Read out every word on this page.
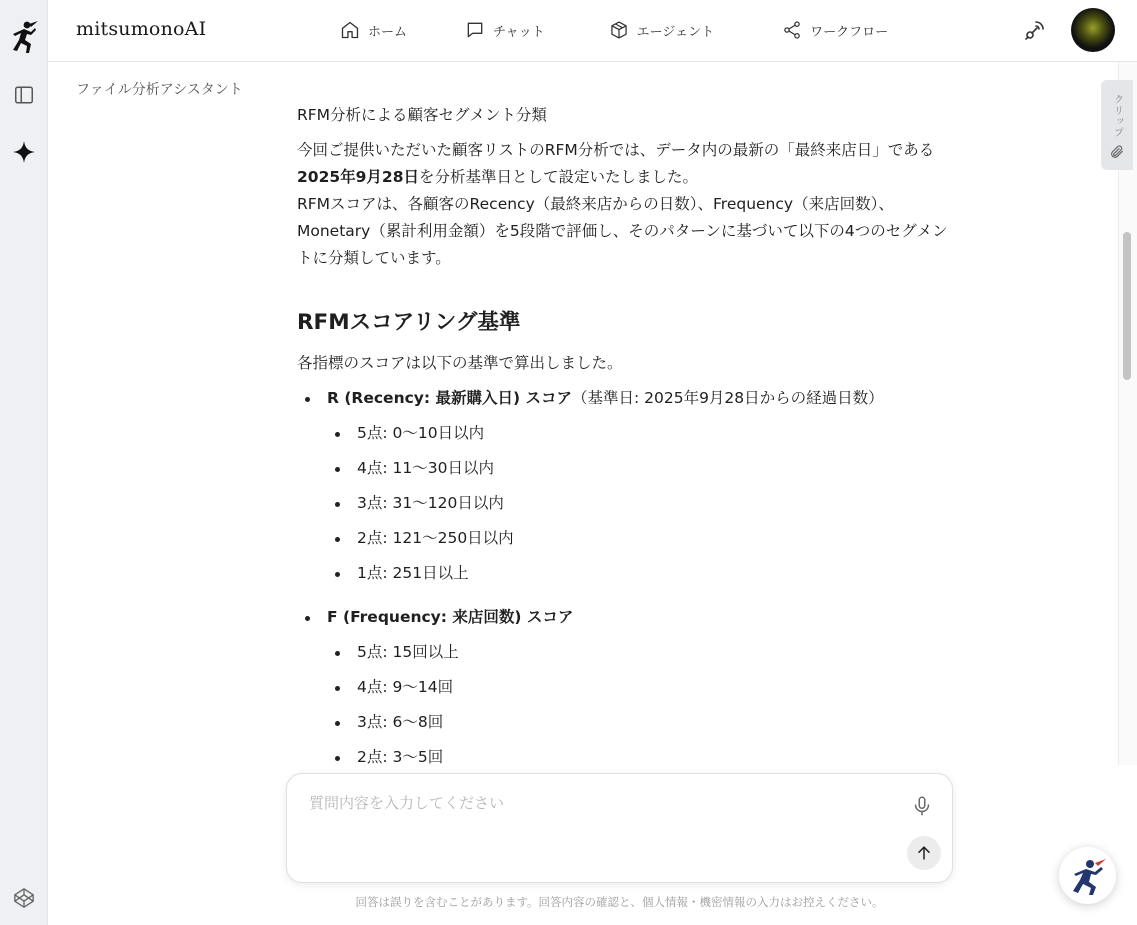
mitsumonoAI	ホーム	チャット	エージェント	ワークフロー
ファイル分析アシスタント

RFM分析による顧客セグメント分類

今回ご提供いただいた顧客リストのRFM分析では、データ内の最新の「最終来店日」である2025年9月28日を分析基準日として設定いたしました。

RFMスコアは、各顧客のRecency（最終来店からの日数）、Frequency（来店回数）、Monetary（累計利用金額）を5段階で評価し、そのパターンに基づいて以下の4つのセグメントに分類しています。

RFMスコアリング基準

各指標のスコアは以下の基準で算出しました。

R (Recency: 最新購入日) スコア（基準日: 2025年9月28日からの経過日数）
5点: 0〜10日以内
4点: 11〜30日以内
3点: 31〜120日以内
2点: 121〜250日以内
1点: 251日以上
F (Frequency: 来店回数) スコア
5点: 15回以上
4点: 9〜14回
3点: 6〜8回
2点: 3〜5回
クリップ
質問内容を入力してください
回答は誤りを含むことがあります。回答内容の確認と、個人情報・機密情報の入力はお控えください。
